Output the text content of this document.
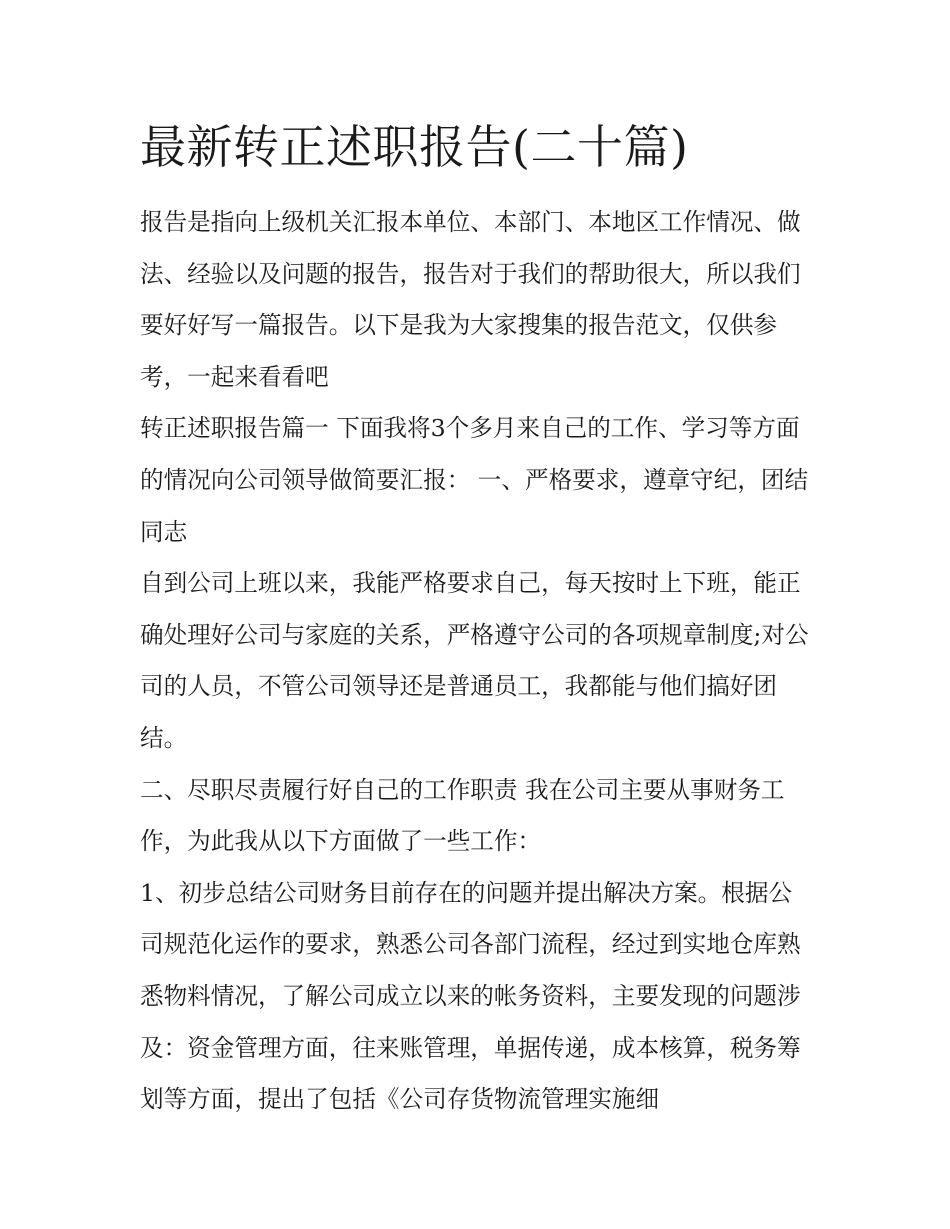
最新转正述职报告(二十篇)

报告是指向上级机关汇报本单位、本部门、本地区工作情况、做法、经验以及问题的报告，报告对于我们的帮助很大，所以我们要好好写一篇报告。以下是我为大家搜集的报告范文，仅供参考，一起来看看吧

转正述职报告篇一 下面我将3个多月来自己的工作、学习等方面的情况向公司领导做简要汇报： 一、严格要求，遵章守纪，团结同志

自到公司上班以来，我能严格要求自己，每天按时上下班，能正确处理好公司与家庭的关系，严格遵守公司的各项规章制度;对公司的人员，不管公司领导还是普通员工，我都能与他们搞好团结。

二、尽职尽责履行好自己的工作职责 我在公司主要从事财务工作，为此我从以下方面做了一些工作：

1、初步总结公司财务目前存在的问题并提出解决方案。根据公司规范化运作的要求，熟悉公司各部门流程，经过到实地仓库熟悉物料情况，了解公司成立以来的帐务资料，主要发现的问题涉及：资金管理方面，往来账管理，单据传递，成本核算，税务筹划等方面，提出了包括《公司存货物流管理实施细
